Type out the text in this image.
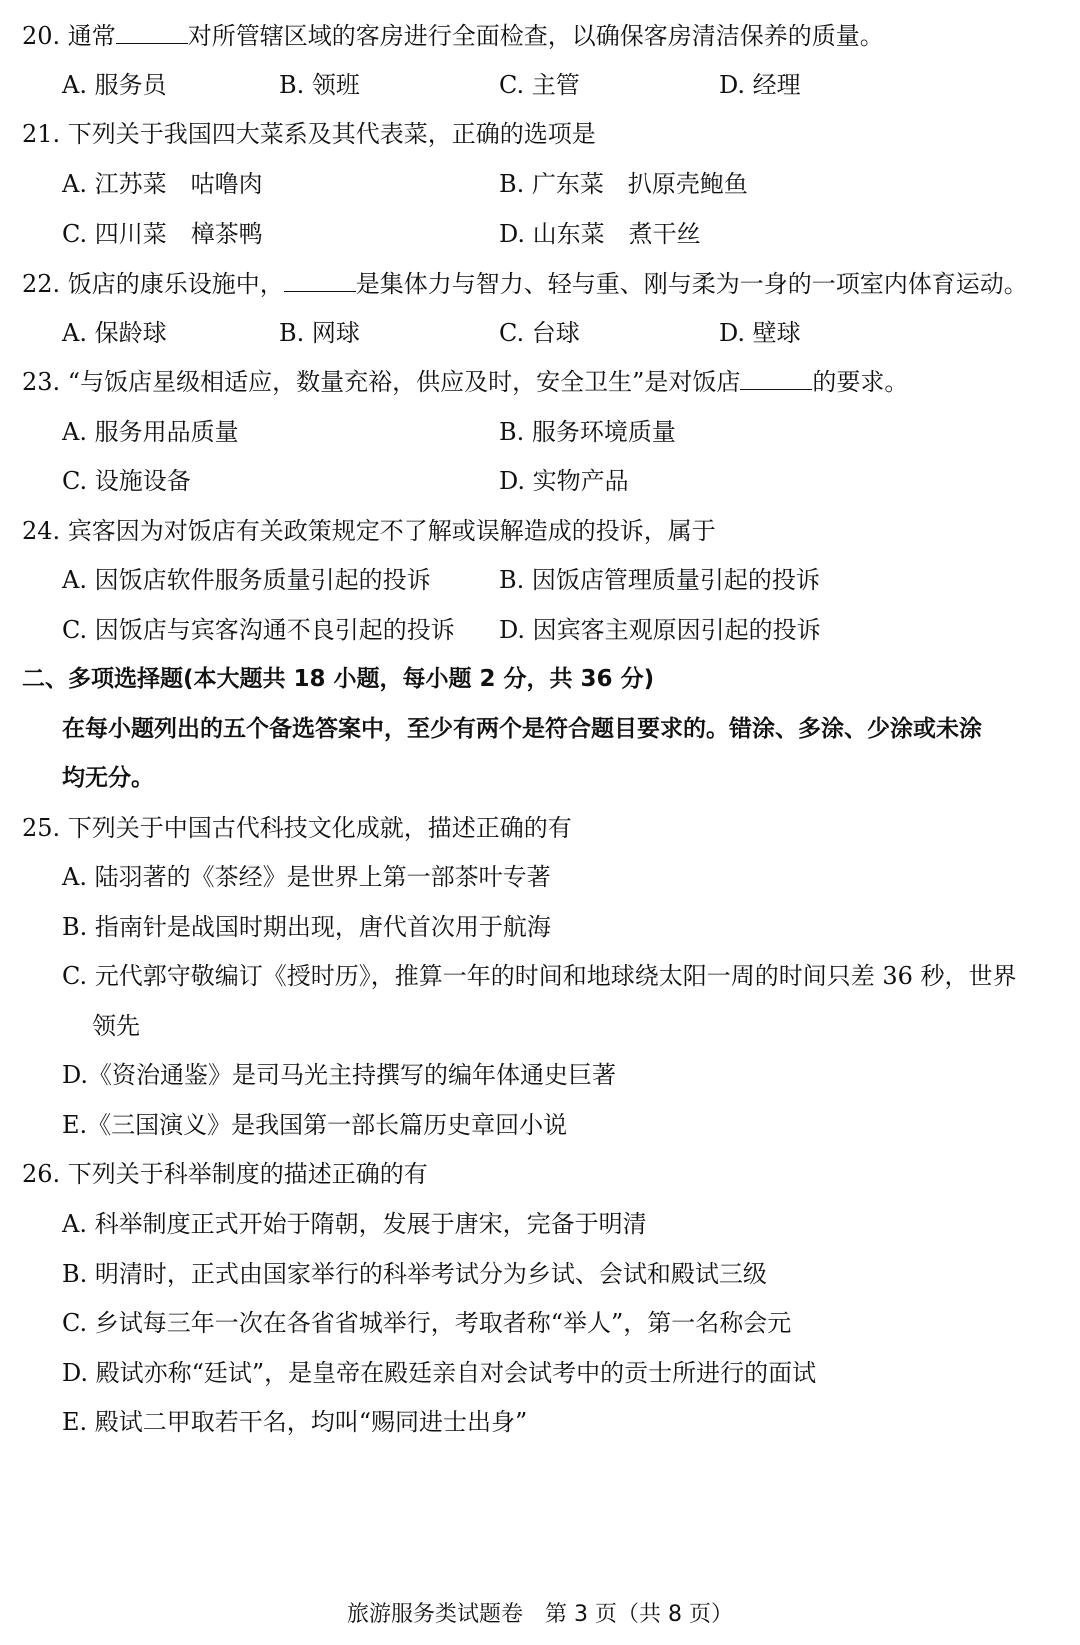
20. 通常	对所管辖区域的客房进行全面检查，以确保客房清洁保养的质量。
A. 服务员	B. 领班	C. 主管	D. 经理
21. 下列关于我国四大菜系及其代表菜，正确的选项是
A. 江苏菜　咕噜肉	B. 广东菜　扒原壳鲍鱼
C. 四川菜　樟茶鸭	D. 山东菜　煮干丝
22. 饭店的康乐设施中，	是集体力与智力、轻与重、刚与柔为一身的一项室内体育运动。
A. 保龄球	B. 网球	C. 台球	D. 壁球
23. “与饭店星级相适应，数量充裕，供应及时，安全卫生”是对饭店	的要求。
A. 服务用品质量	B. 服务环境质量
C. 设施设备	D. 实物产品
24. 宾客因为对饭店有关政策规定不了解或误解造成的投诉，属于
A. 因饭店软件服务质量引起的投诉	B. 因饭店管理质量引起的投诉
C. 因饭店与宾客沟通不良引起的投诉 D. 因宾客主观原因引起的投诉
二、多项选择题(本大题共 18 小题，每小题 2 分，共 36 分)
在每小题列出的五个备选答案中，至少有两个是符合题目要求的。错涂、多涂、少涂或未涂
均无分。
25. 下列关于中国古代科技文化成就，描述正确的有
A. 陆羽著的《茶经》是世界上第一部茶叶专著
B. 指南针是战国时期出现，唐代首次用于航海
C. 元代郭守敬编订《授时历》，推算一年的时间和地球绕太阳一周的时间只差 36 秒，世界
领先
D.《资治通鉴》是司马光主持撰写的编年体通史巨著
E.《三国演义》是我国第一部长篇历史章回小说
26. 下列关于科举制度的描述正确的有
A. 科举制度正式开始于隋朝，发展于唐宋，完备于明清
B. 明清时，正式由国家举行的科举考试分为乡试、会试和殿试三级
C. 乡试每三年一次在各省省城举行，考取者称“举人”，第一名称会元
D. 殿试亦称“廷试”，是皇帝在殿廷亲自对会试考中的贡士所进行的面试
E. 殿试二甲取若干名，均叫“赐同进士出身”
旅游服务类试题卷　第 3 页（共 8 页）
